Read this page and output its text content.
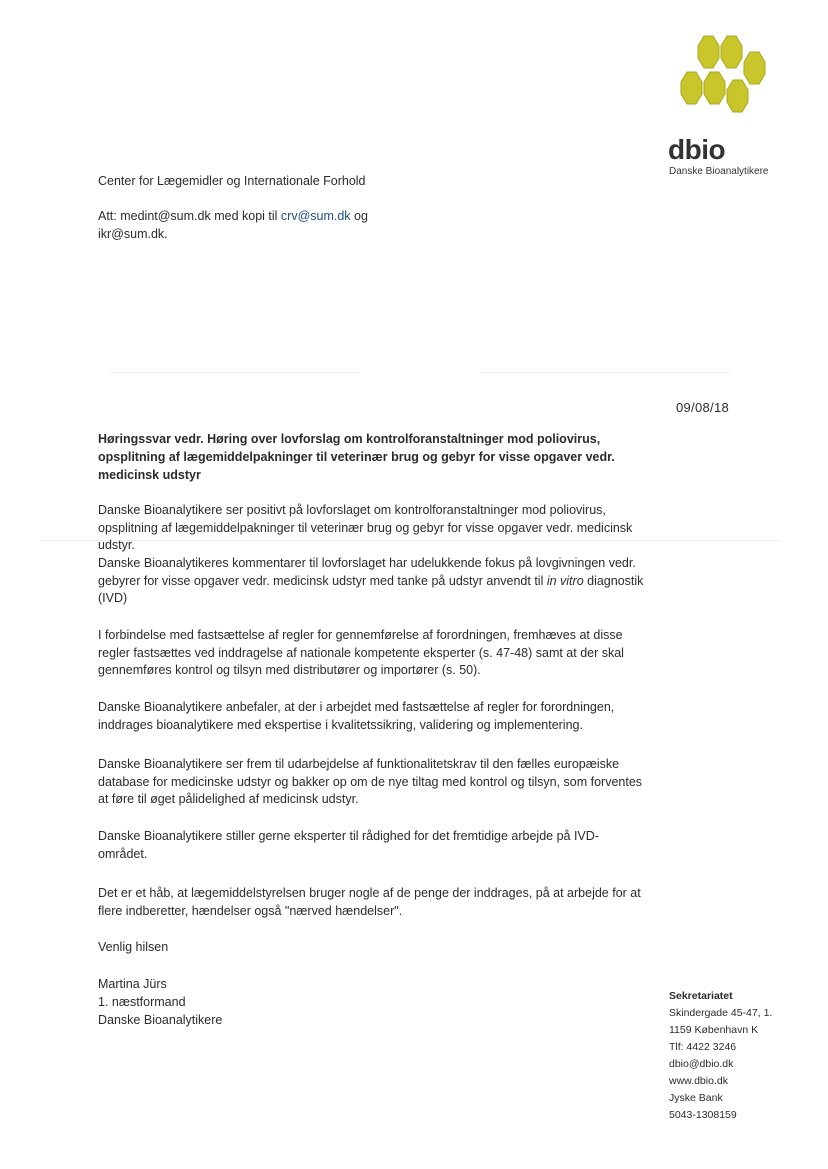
dbio
Danske Bioanalytikere

Center for Lægemidler og Internationale Forhold

Att: medint@sum.dk med kopi til crv@sum.dk og
ikr@sum.dk.

09/08/18

Høringssvar vedr. Høring over lovforslag om kontrolforanstaltninger mod poliovirus, opsplitning af lægemiddelpakninger til veterinær brug og gebyr for visse opgaver vedr. medicinsk udstyr

Danske Bioanalytikere ser positivt på lovforslaget om kontrolforanstaltninger mod poliovirus, opsplitning af lægemiddelpakninger til veterinær brug og gebyr for visse opgaver vedr. medicinsk udstyr.

Danske Bioanalytikeres kommentarer til lovforslaget har udelukkende fokus på lovgivningen vedr. gebyrer for visse opgaver vedr. medicinsk udstyr med tanke på udstyr anvendt til in vitro diagnostik (IVD)

I forbindelse med fastsættelse af regler for gennemførelse af forordningen, fremhæves at disse regler fastsættes ved inddragelse af nationale kompetente eksperter (s. 47-48) samt at der skal gennemføres kontrol og tilsyn med distributører og importører (s. 50).

Danske Bioanalytikere anbefaler, at der i arbejdet med fastsættelse af regler for forordningen, inddrages bioanalytikere med ekspertise i kvalitetssikring, validering og implementering.

Danske Bioanalytikere ser frem til udarbejdelse af funktionalitetskrav til den fælles europæiske database for medicinske udstyr og bakker op om de nye tiltag med kontrol og tilsyn, som forventes at føre til øget pålidelighed af medicinsk udstyr.

Danske Bioanalytikere stiller gerne eksperter til rådighed for det fremtidige arbejde på IVD-området.

Det er et håb, at lægemiddelstyrelsen bruger nogle af de penge der inddrages, på at arbejde for at flere indberetter, hændelser også "nærved hændelser".

Venlig hilsen

Martina Jürs
1. næstformand
Danske Bioanalytikere
Sekretariatet
Skindergade 45-47, 1.
1159 København K
Tlf: 4422 3246
dbio@dbio.dk
www.dbio.dk
Jyske Bank
5043-1308159
